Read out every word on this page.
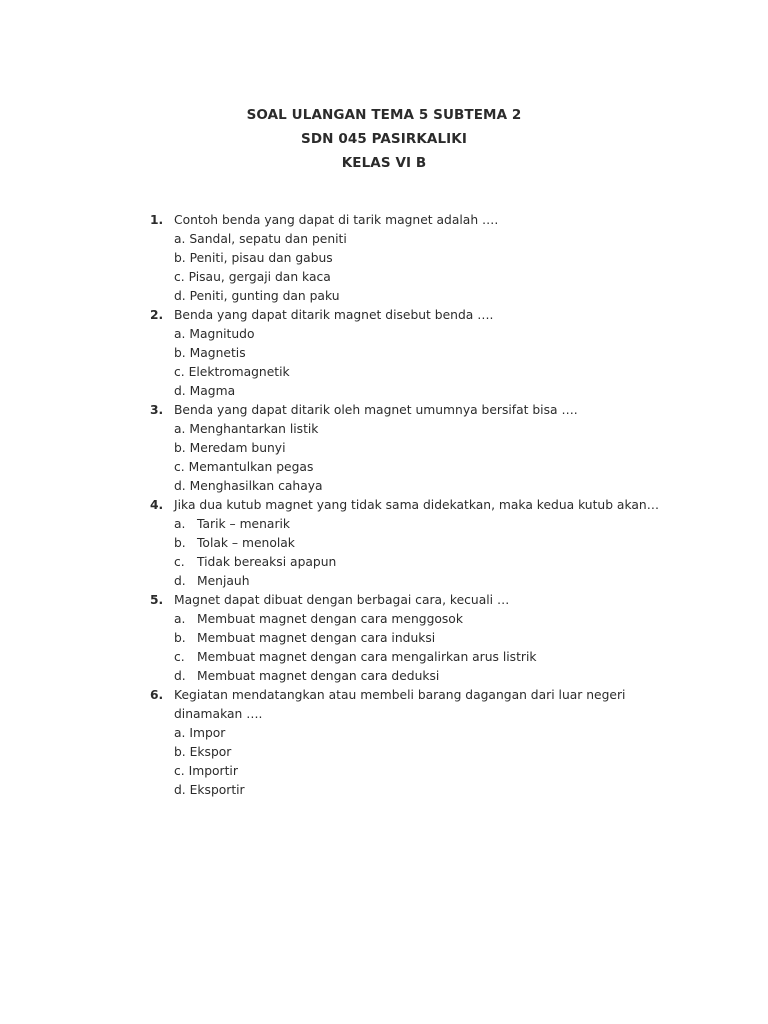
SOAL ULANGAN TEMA 5 SUBTEMA 2
SDN 045 PASIRKALIKI
KELAS VI B
1. Contoh benda yang dapat di tarik magnet adalah ….
a. Sandal, sepatu dan peniti
b. Peniti, pisau dan gabus
c. Pisau, gergaji dan kaca
d. Peniti, gunting dan paku
2. Benda yang dapat ditarik magnet disebut benda ….
a. Magnitudo
b. Magnetis
c. Elektromagnetik
d. Magma
3. Benda yang dapat ditarik oleh magnet umumnya bersifat bisa ….
a. Menghantarkan listik
b. Meredam bunyi
c. Memantulkan pegas
d. Menghasilkan cahaya
4. Jika dua kutub magnet yang tidak sama didekatkan, maka kedua kutub akan…
a. Tarik – menarik
b. Tolak – menolak
c. Tidak bereaksi apapun
d. Menjauh
5. Magnet dapat dibuat dengan berbagai cara, kecuali …
a. Membuat magnet dengan cara menggosok
b. Membuat magnet dengan cara induksi
c. Membuat magnet dengan cara mengalirkan arus listrik
d. Membuat magnet dengan cara deduksi
6. Kegiatan mendatangkan atau membeli barang dagangan dari luar negeri dinamakan ….
a. Impor
b. Ekspor
c. Importir
d. Eksportir
